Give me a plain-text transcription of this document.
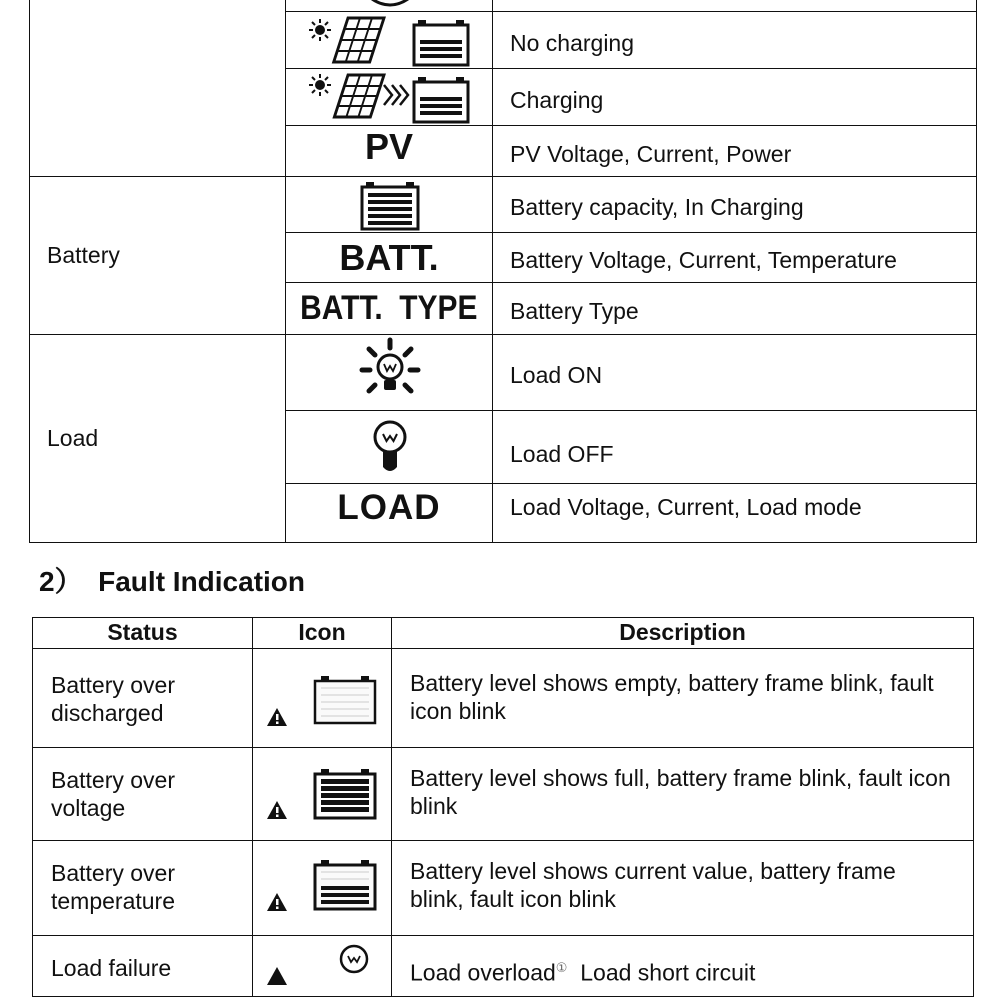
	No charging

	Charging
	PV	PV Voltage, Current, Power
Battery		Battery capacity, In Charging
	BATT.	Battery Voltage, Current, Temperature
	BATT.  TYPE	Battery Type
Load		Load ON

	Load OFF
	LOAD	Load Voltage, Current, Load mode
2）  Fault Indication
Status	Icon	Description

Battery over
discharged		Battery level shows empty, battery frame blink, fault icon blink

Battery over
voltage		Battery level shows full, battery frame blink, fault icon blink

Battery over
temperature		Battery level shows current value, battery frame blink, fault icon blink

Load failure		Load overload①  Load short circuit
